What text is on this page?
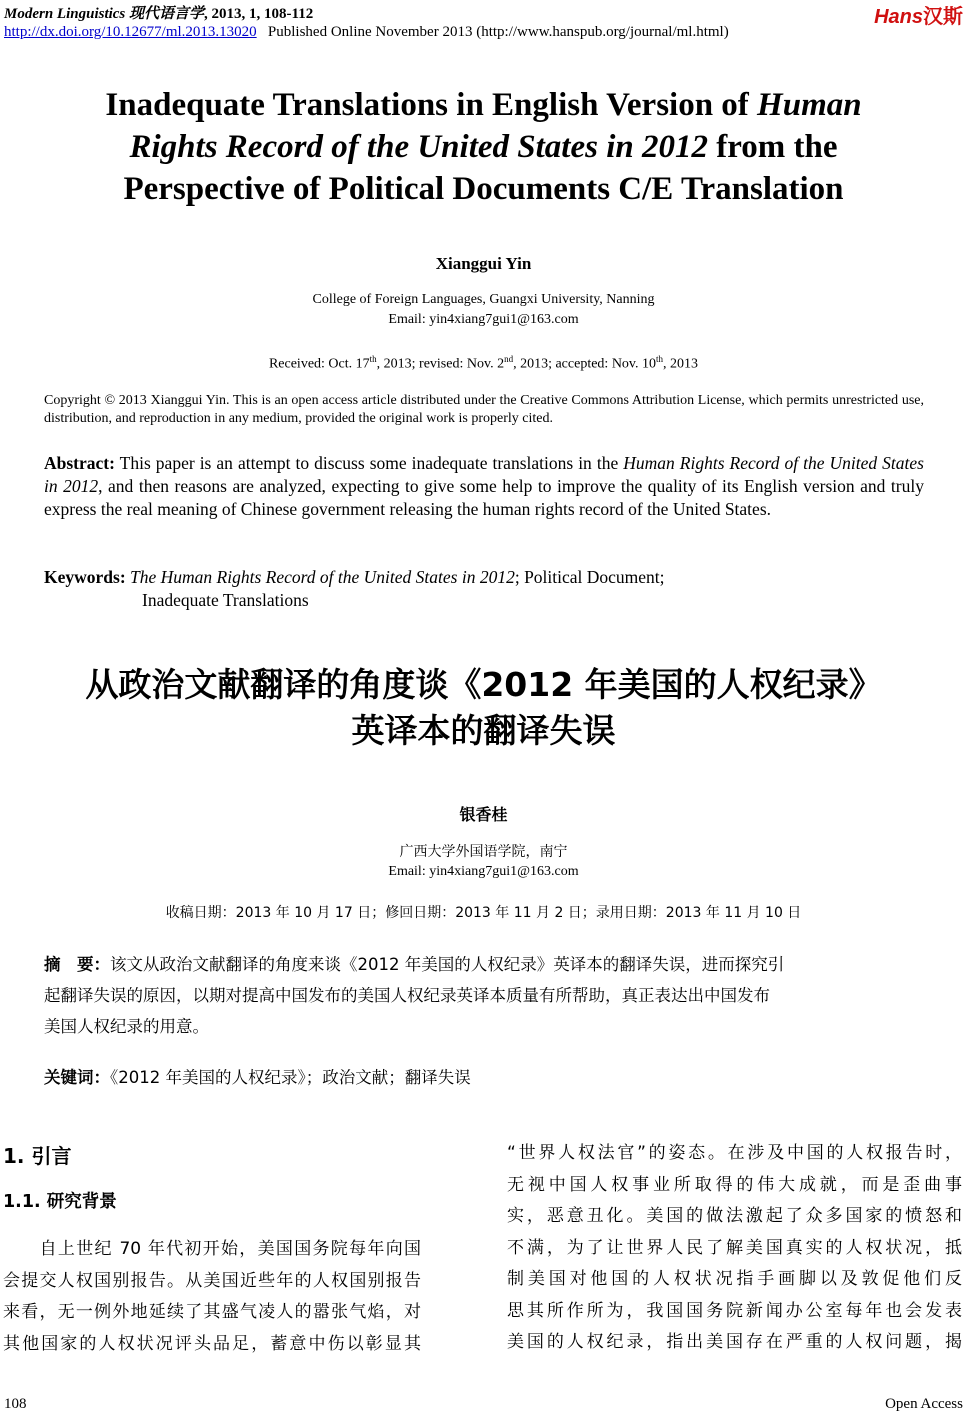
Modern Linguistics 现代语言学, 2013, 1, 108-112
http://dx.doi.org/10.12677/ml.2013.13020 Published Online November 2013 (http://www.hanspub.org/journal/ml.html)
Hans汉斯
Inadequate Translations in English Version of Human Rights Record of the United States in 2012 from the Perspective of Political Documents C/E Translation
Xianggui Yin
College of Foreign Languages, Guangxi University, Nanning
Email: yin4xiang7gui1@163.com
Received: Oct. 17th, 2013; revised: Nov. 2nd, 2013; accepted: Nov. 10th, 2013
Copyright © 2013 Xianggui Yin. This is an open access article distributed under the Creative Commons Attribution License, which permits unrestricted use, distribution, and reproduction in any medium, provided the original work is properly cited.
Abstract: This paper is an attempt to discuss some inadequate translations in the Human Rights Record of the United States in 2012, and then reasons are analyzed, expecting to give some help to improve the quality of its English version and truly express the real meaning of Chinese government releasing the human rights record of the United States.
Keywords: The Human Rights Record of the United States in 2012; Political Document;
Inadequate Translations
从政治文献翻译的角度谈《2012 年美国的人权纪录》
英译本的翻译失误
银香桂
广西大学外国语学院，南宁
Email: yin4xiang7gui1@163.com
收稿日期：2013 年 10 月 17 日；修回日期：2013 年 11 月 2 日；录用日期：2013 年 11 月 10 日
摘　要：该文从政治文献翻译的角度来谈《2012 年美国的人权纪录》英译本的翻译失误，进而探究引
起翻译失误的原因，以期对提高中国发布的美国人权纪录英译本质量有所帮助，真正表达出中国发布
美国人权纪录的用意。
关键词：《2012 年美国的人权纪录》；政治文献；翻译失误
1. 引言
1.1. 研究背景
　　自上世纪 70 年代初开始，美国国务院每年向国
会提交人权国别报告。从美国近些年的人权国别报告
来看，无一例外地延续了其盛气凌人的嚣张气焰，对
其他国家的人权状况评头品足，蓄意中伤以彰显其
“世界人权法官”的姿态。在涉及中国的人权报告时，
无视中国人权事业所取得的伟大成就，而是歪曲事
实，恶意丑化。美国的做法激起了众多国家的愤怒和
不满，为了让世界人民了解美国真实的人权状况，抵
制美国对他国的人权状况指手画脚以及敦促他们反
思其所作所为，我国国务院新闻办公室每年也会发表
美国的人权纪录，指出美国存在严重的人权问题，揭
108	Open Access
